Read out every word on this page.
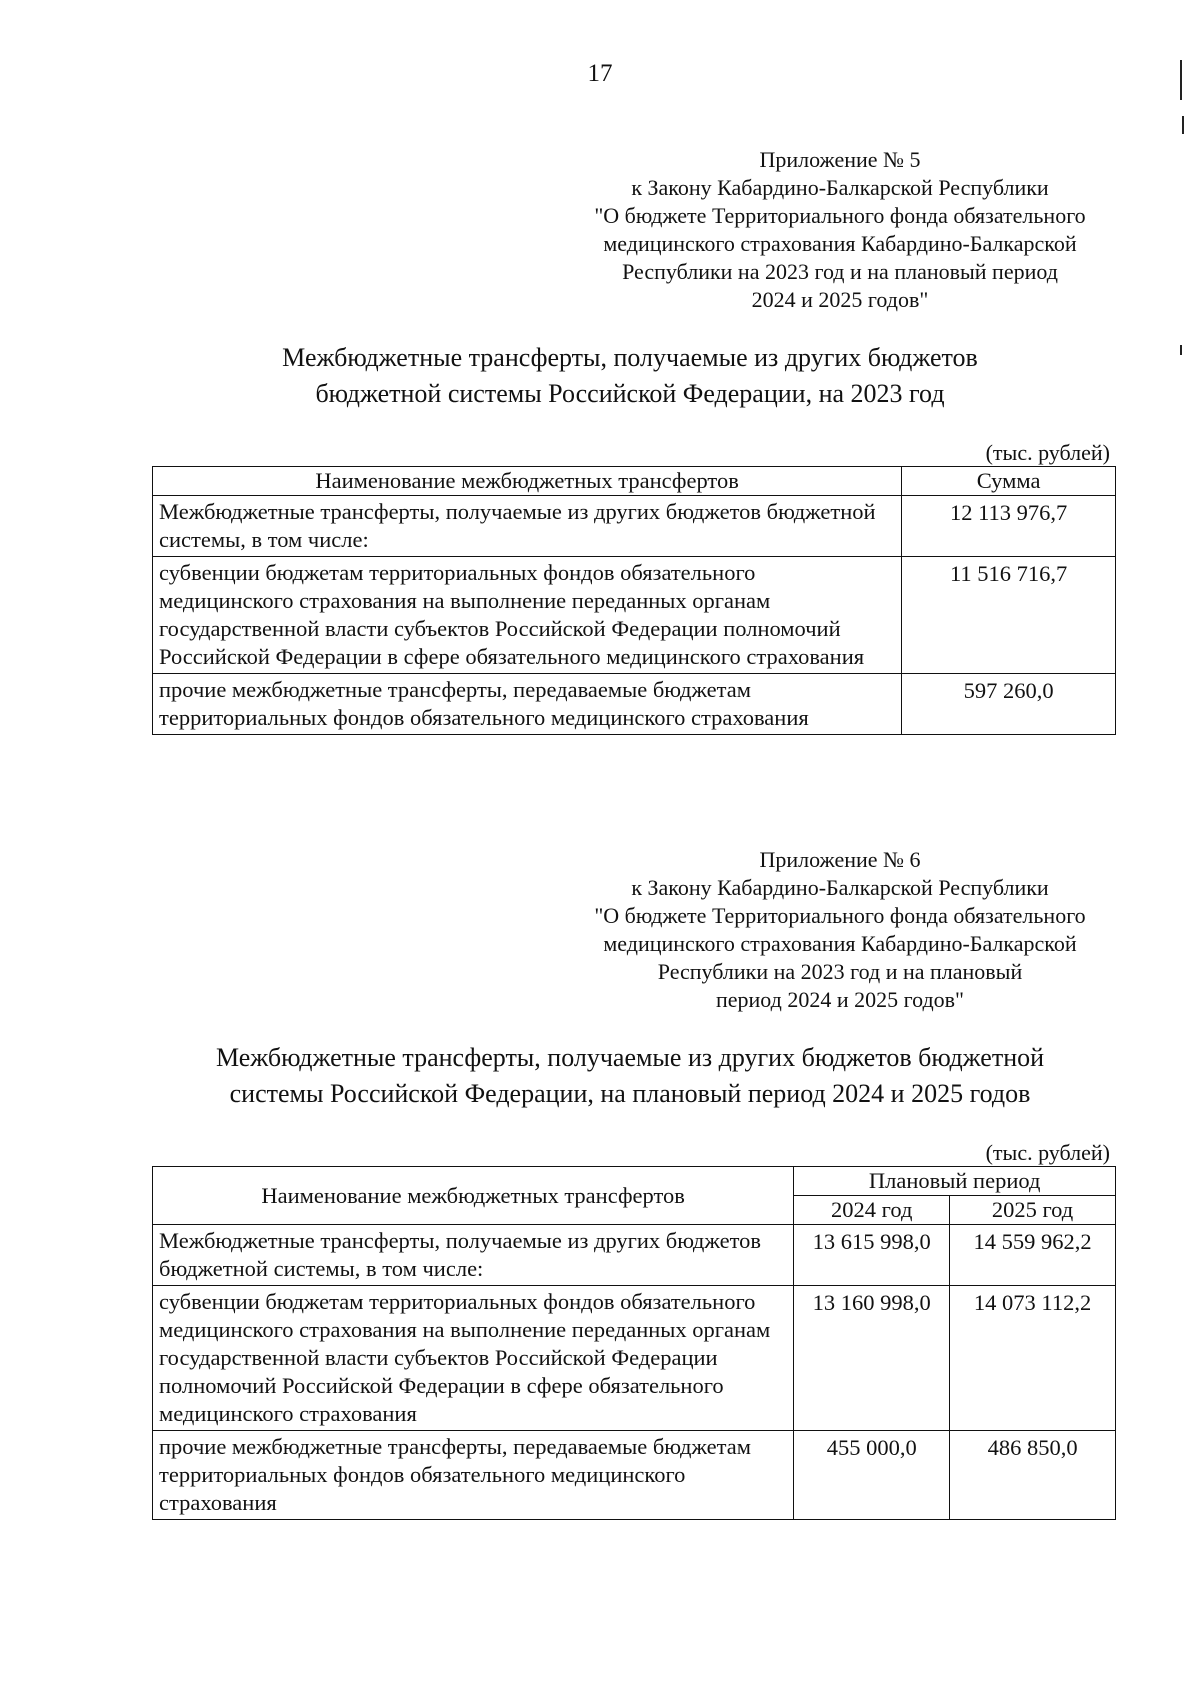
17
Приложение № 5
к Закону Кабардино-Балкарской Республики
"О бюджете Территориального фонда обязательного
медицинского страхования Кабардино-Балкарской
Республики на 2023 год и на плановый период
2024 и 2025 годов"
Межбюджетные трансферты, получаемые из других бюджетов
бюджетной системы Российской Федерации, на 2023 год
(тыс. рублей)
Наименование межбюджетных трансфертов	Сумма
Межбюджетные трансферты, получаемые из других бюджетов бюджетной системы, в том числе:	12 113 976,7
субвенции бюджетам территориальных фондов обязательного медицинского страхования на выполнение переданных органам государственной власти субъектов Российской Федерации полномочий Российской Федерации в сфере обязательного медицинского страхования	11 516 716,7
прочие межбюджетные трансферты, передаваемые бюджетам территориальных фондов обязательного медицинского страхования	597 260,0
Приложение № 6
к Закону Кабардино-Балкарской Республики
"О бюджете Территориального фонда обязательного
медицинского страхования Кабардино-Балкарской
Республики на 2023 год и на плановый
период 2024 и 2025 годов"
Межбюджетные трансферты, получаемые из других бюджетов бюджетной
системы Российской Федерации, на плановый период 2024 и 2025 годов
(тыс. рублей)
Наименование межбюджетных трансфертов	Плановый период	
	2024 год	2025 год
Межбюджетные трансферты, получаемые из других бюджетов бюджетной системы, в том числе:	13 615 998,0	14 559 962,2
субвенции бюджетам территориальных фондов обязательного медицинского страхования на выполнение переданных органам государственной власти субъектов Российской Федерации полномочий Российской Федерации в сфере обязательного медицинского страхования	13 160 998,0	14 073 112,2
прочие межбюджетные трансферты, передаваемые бюджетам территориальных фондов обязательного медицинского страхования	455 000,0	486 850,0
